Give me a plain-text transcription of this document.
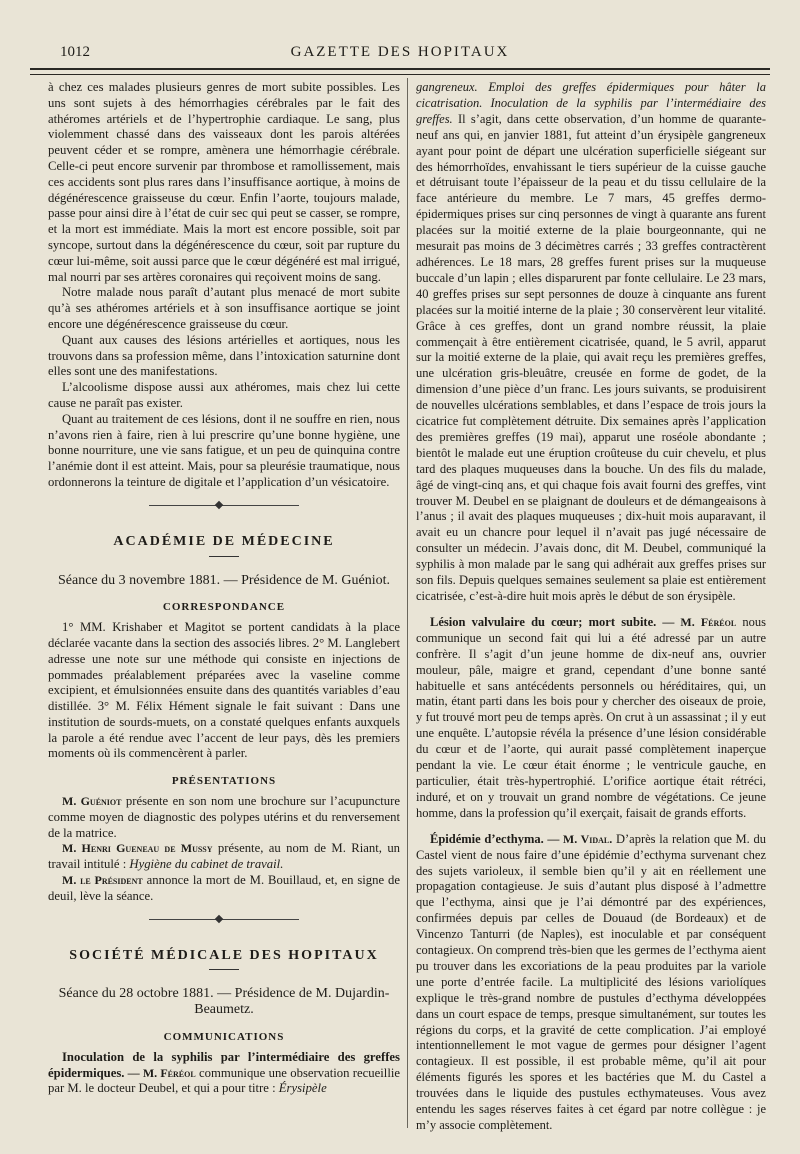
1012	GAZETTE DES HOPITAUX

à chez ces malades plusieurs genres de mort subite possibles. Les uns sont sujets à des hémorrhagies cérébrales par le fait des athéromes artériels et de l’hypertrophie cardiaque. Le sang, plus violemment chassé dans des vaisseaux dont les parois altérées peuvent céder et se rompre, amènera une hémorrhagie cérébrale. Celle-ci peut encore survenir par thrombose et ramollissement, mais ces accidents sont plus rares dans l’insuffisance aortique, à moins de dégénérescence graisseuse du cœur. Enfin l’aorte, toujours malade, passe pour ainsi dire à l’état de cuir sec qui peut se casser, se rompre, et la mort est immédiate. Mais la mort est encore possible, soit par syncope, surtout dans la dégénérescence du cœur, soit par rupture du cœur lui-même, soit aussi parce que le cœur dégénéré est mal irrigué, mal nourri par ses artères coronaires qui reçoivent moins de sang.

Notre malade nous paraît d’autant plus menacé de mort subite qu’à ses athéromes artériels et à son insuffisance aortique se joint encore une dégénérescence graisseuse du cœur.

Quant aux causes des lésions artérielles et aortiques, nous les trouvons dans sa profession même, dans l’intoxication saturnine dont elles sont une des manifestations.

L’alcoolisme dispose aussi aux athéromes, mais chez lui cette cause ne paraît pas exister.

Quant au traitement de ces lésions, dont il ne souffre en rien, nous n’avons rien à faire, rien à lui prescrire qu’une bonne hygiène, une bonne nourriture, une vie sans fatigue, et un peu de quinquina contre l’anémie dont il est atteint. Mais, pour sa pleurésie traumatique, nous ordonnerons la teinture de digitale et l’application d’un vésicatoire.

ACADÉMIE DE MÉDECINE
Séance du 3 novembre 1881. — Présidence de M. Guéniot.
CORRESPONDANCE

1° MM. Krishaber et Magitot se portent candidats à la place déclarée vacante dans la section des associés libres. 2° M. Langlebert adresse une note sur une méthode qui consiste en injections de pommades préalablement préparées avec la vaseline comme excipient, et émulsionnées ensuite dans des quantités variables d’eau distillée. 3° M. Félix Hément signale le fait suivant : Dans une institution de sourds-muets, on a constaté quelques enfants auxquels la parole a été rendue avec l’accent de leur pays, dès les premiers moments où ils commencèrent à parler.

PRÉSENTATIONS

M. Guéniot présente en son nom une brochure sur l’acupuncture comme moyen de diagnostic des polypes utérins et du renversement de la matrice.

M. Henri Gueneau de Mussy présente, au nom de M. Riant, un travail intitulé : Hygiène du cabinet de travail.

M. le Président annonce la mort de M. Bouillaud, et, en signe de deuil, lève la séance.

SOCIÉTÉ MÉDICALE DES HOPITAUX
Séance du 28 octobre 1881. — Présidence de M. Dujardin-Beaumetz.
COMMUNICATIONS

Inoculation de la syphilis par l’intermédiaire des greffes épidermiques. — M. Féréol communique une observation recueillie par M. le docteur Deubel, et qui a pour titre : Érysipèle

gangreneux. Emploi des greffes épidermiques pour hâter la cicatrisation. Inoculation de la syphilis par l’intermédiaire des greffes. Il s’agit, dans cette observation, d’un homme de quarante-neuf ans qui, en janvier 1881, fut atteint d’un érysipèle gangreneux ayant pour point de départ une ulcération superficielle siégeant sur des hémorrhoïdes, envahissant le tiers supérieur de la cuisse gauche et détruisant toute l’épaisseur de la peau et du tissu cellulaire de la face antérieure du membre. Le 7 mars, 45 greffes dermo-épidermiques prises sur cinq personnes de vingt à quarante ans furent placées sur la moitié externe de la plaie bourgeonnante, qui ne mesurait pas moins de 3 décimètres carrés ; 33 greffes contractèrent adhérences. Le 18 mars, 28 greffes furent prises sur la muqueuse buccale d’un lapin ; elles disparurent par fonte cellulaire. Le 23 mars, 40 greffes prises sur sept personnes de douze à cinquante ans furent placées sur la moitié interne de la plaie ; 30 conservèrent leur vitalité. Grâce à ces greffes, dont un grand nombre réussit, la plaie commençait à être entièrement cicatrisée, quand, le 5 avril, apparut sur la moitié externe de la plaie, qui avait reçu les premières greffes, une ulcération gris-bleuâtre, creusée en forme de godet, de la dimension d’une pièce d’un franc. Les jours suivants, se produisirent de nouvelles ulcérations semblables, et dans l’espace de trois jours la cicatrice fut complètement détruite. Dix semaines après l’application des premières greffes (19 mai), apparut une roséole abondante ; bientôt le malade eut une éruption croûteuse du cuir chevelu, et plus tard des plaques muqueuses dans la bouche. Un des fils du malade, âgé de vingt-cinq ans, et qui chaque fois avait fourni des greffes, vint trouver M. Deubel en se plaignant de douleurs et de démangeaisons à l’anus ; il avait des plaques muqueuses ; dix-huit mois auparavant, il avait eu un chancre pour lequel il n’avait pas jugé nécessaire de consulter un médecin. J’avais donc, dit M. Deubel, communiqué la syphilis à mon malade par le sang qui adhérait aux greffes prises sur son fils. Depuis quelques semaines seulement sa plaie est entièrement cicatrisée, c’est-à-dire huit mois après le début de son érysipèle.

Lésion valvulaire du cœur; mort subite. — M. Féréol nous communique un second fait qui lui a été adressé par un autre confrère. Il s’agit d’un jeune homme de dix-neuf ans, ouvrier mouleur, pâle, maigre et grand, cependant d’une bonne santé habituelle et sans antécédents personnels ou héréditaires, qui, un matin, étant parti dans les bois pour y chercher des oiseaux de proie, y fut trouvé mort peu de temps après. On crut à un assassinat ; il y eut une enquête. L’autopsie révéla la présence d’une lésion considérable du cœur et de l’aorte, qui aurait passé complètement inaperçue pendant la vie. Le cœur était énorme ; le ventricule gauche, en particulier, était très-hypertrophié. L’orifice aortique était rétréci, induré, et on y trouvait un grand nombre de végétations. Ce jeune homme, dans la profession qu’il exerçait, faisait de grands efforts.

Épidémie d’ecthyma. — M. Vidal. D’après la relation que M. du Castel vient de nous faire d’une épidémie d’ecthyma survenant chez des sujets varioleux, il semble bien qu’il y ait en réellement une propagation contagieuse. Je suis d’autant plus disposé à l’admettre que l’ecthyma, ainsi que je l’ai démontré par des expériences, confirmées depuis par celles de Douaud (de Bordeaux) et de Vincenzo Tanturri (de Naples), est inoculable et par conséquent contagieux. On comprend très-bien que les germes de l’ecthyma aient pu trouver dans les excoriations de la peau produites par la variole une porte d’entrée facile. La multiplicité des lésions variolíques explique le très-grand nombre de pustules d’ecthyma développées dans un court espace de temps, presque simultanément, sur toutes les régions du corps, et la gravité de cette complication. J’ai employé intentionnellement le mot vague de germes pour désigner l’agent contagieux. Il est possible, il est probable même, qu’il ait pour éléments figurés les spores et les bactéries que M. du Castel a trouvées dans le liquide des pustules ecthymateuses. Vous avez entendu les sages réserves faites à cet égard par notre collègue : je m’y associe complètement.
